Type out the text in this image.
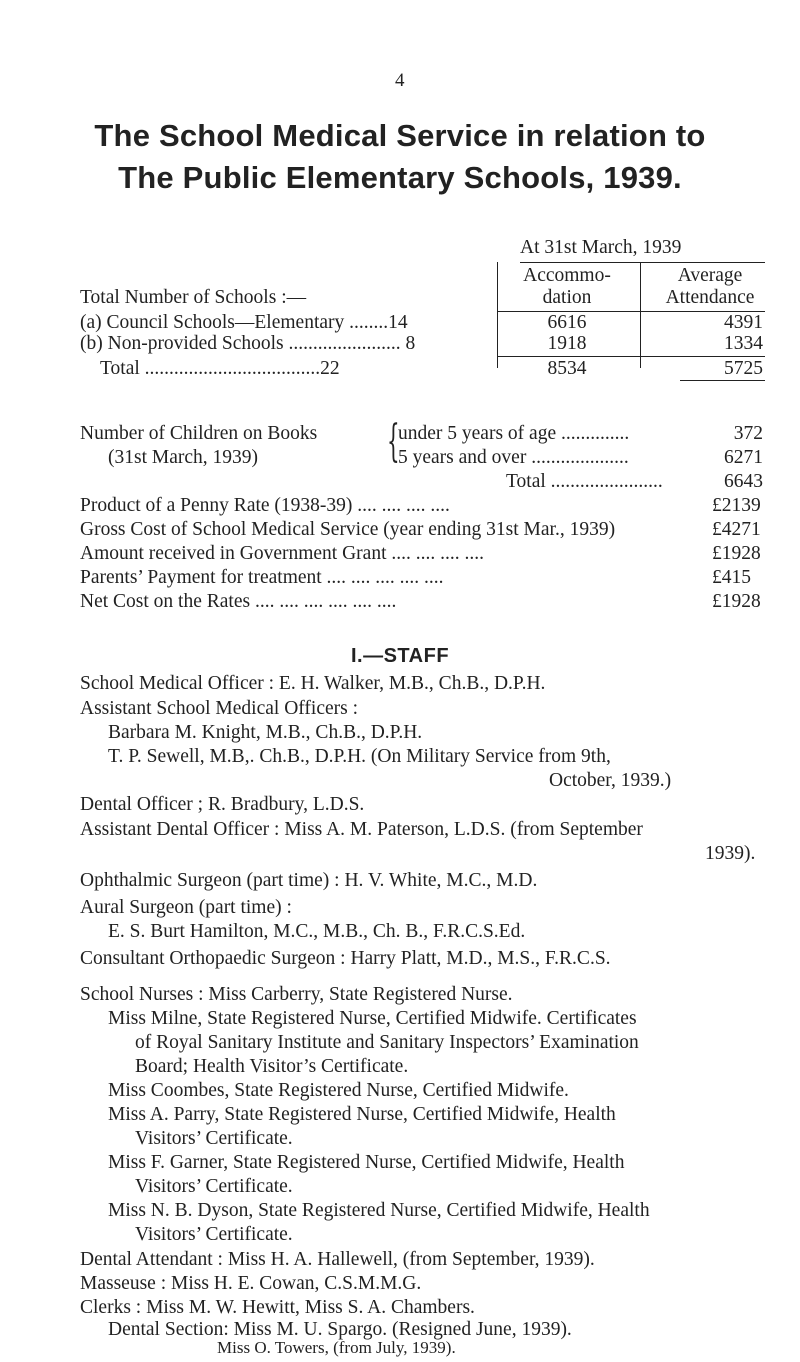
4
The School Medical Service in relation to
The Public Elementary Schools, 1939.
At 31st March, 1939
Total Number of Schools :—
Accommo-
dation
Average
Attendance
(a) Council Schools—Elementary ........14	6616	4391
(b) Non-provided Schools ....................... 8	1918	1334
Total ....................................22	8534	5725
Number of Children on Books
(31st March, 1939)	{
under 5 years of age ..............	372
5 years and over ....................	6271
Total .......................	6643
Product of a Penny Rate (1938-39) .... .... .... ....	£2139
Gross Cost of School Medical Service (year ending 31st Mar., 1939)	£4271
Amount received in Government Grant .... .... .... ....	£1928
Parents’ Payment for treatment .... .... .... .... ....	£415
Net Cost on the Rates .... .... .... .... .... ....	£1928
I.—STAFF
School Medical Officer : E. H. Walker, M.B., Ch.B., D.P.H.
Assistant School Medical Officers :
Barbara M. Knight, M.B., Ch.B., D.P.H.
T. P. Sewell, M.B,. Ch.B., D.P.H. (On Military Service from 9th,
October, 1939.)
Dental Officer ; R. Bradbury, L.D.S.
Assistant Dental Officer : Miss A. M. Paterson, L.D.S. (from September
1939).
Ophthalmic Surgeon (part time) : H. V. White, M.C., M.D.
Aural Surgeon (part time) :
E. S. Burt Hamilton, M.C., M.B., Ch. B., F.R.C.S.Ed.
Consultant Orthopaedic Surgeon : Harry Platt, M.D., M.S., F.R.C.S.
School Nurses : Miss Carberry, State Registered Nurse.
Miss Milne, State Registered Nurse, Certified Midwife. Certificates
of Royal Sanitary Institute and Sanitary Inspectors’ Examination
Board; Health Visitor’s Certificate.
Miss Coombes, State Registered Nurse, Certified Midwife.
Miss A. Parry, State Registered Nurse, Certified Midwife, Health
Visitors’ Certificate.
Miss F. Garner, State Registered Nurse, Certified Midwife, Health
Visitors’ Certificate.
Miss N. B. Dyson, State Registered Nurse, Certified Midwife, Health
Visitors’ Certificate.
Dental Attendant : Miss H. A. Hallewell, (from September, 1939).
Masseuse : Miss H. E. Cowan, C.S.M.M.G.
Clerks : Miss M. W. Hewitt, Miss S. A. Chambers.
Dental Section: Miss M. U. Spargo. (Resigned June, 1939).
Miss O. Towers, (from July, 1939).
